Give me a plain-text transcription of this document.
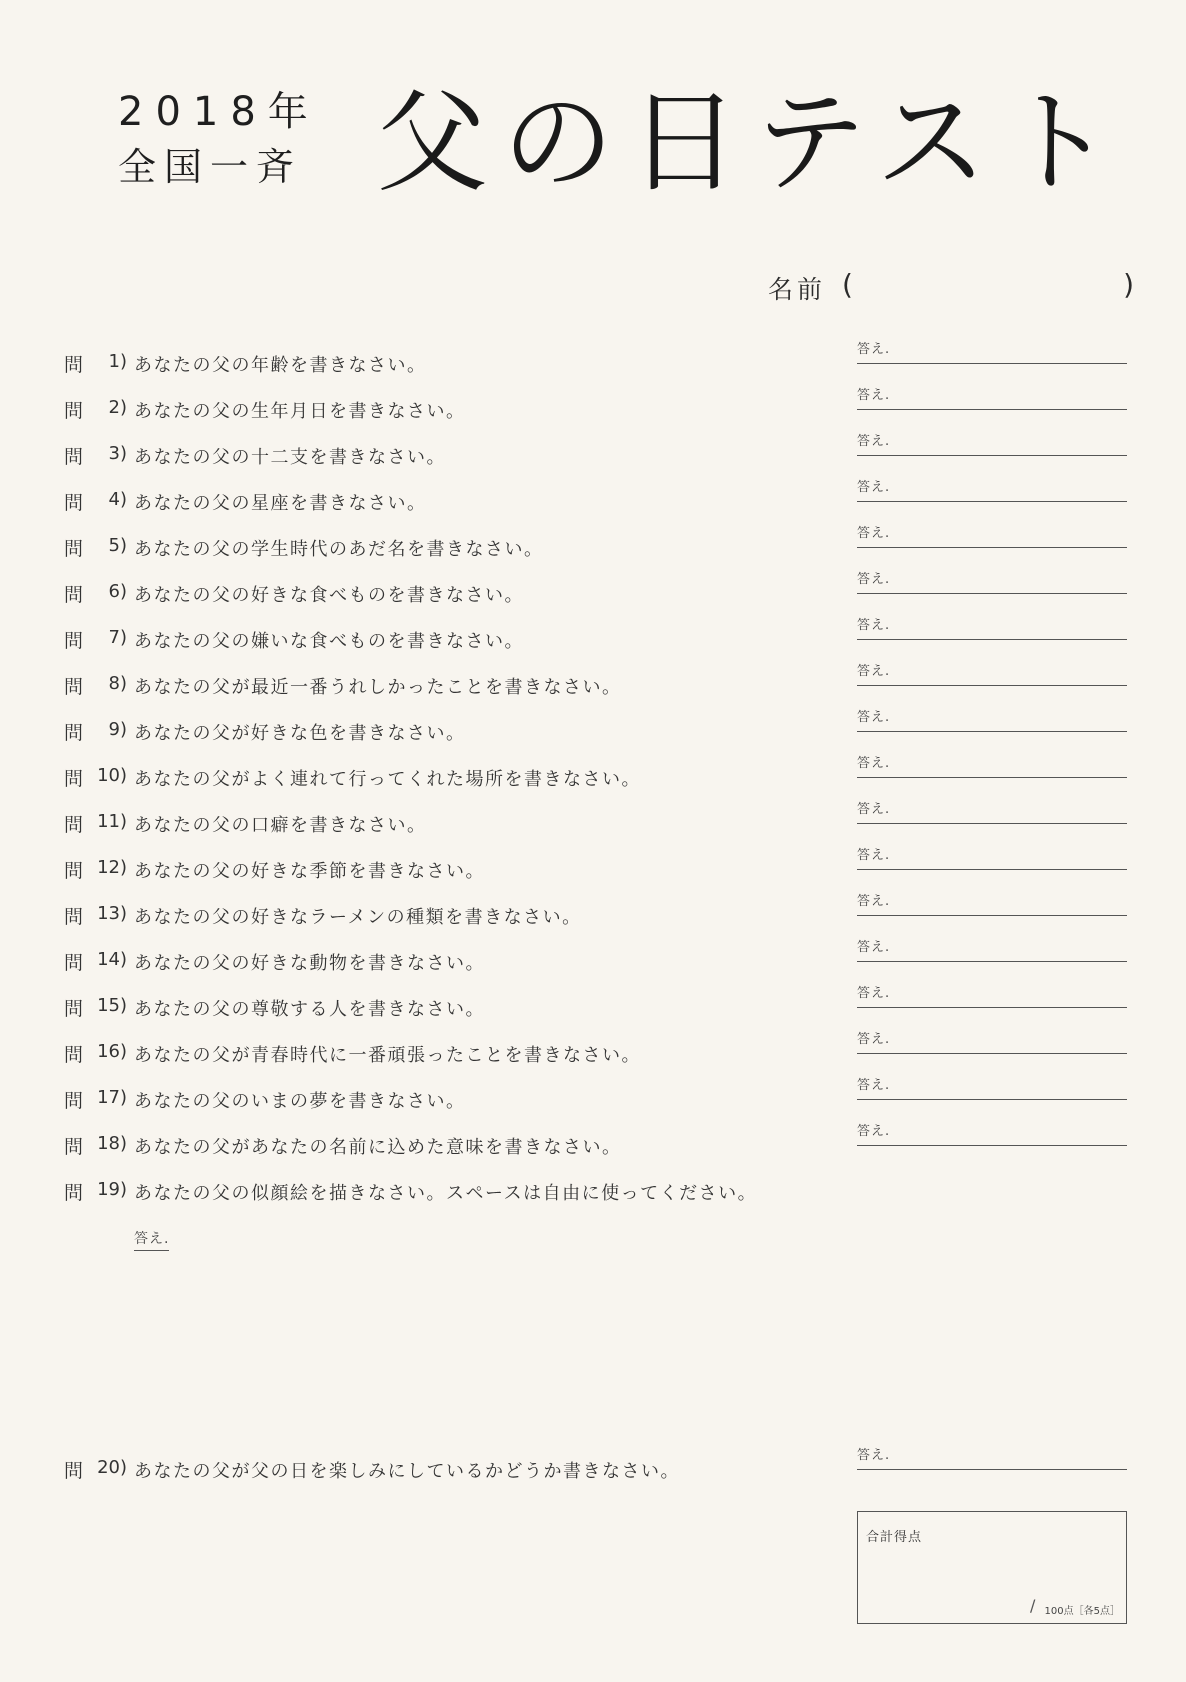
2018年
全国一斉 父の日テスト
名前 (	)
問	1 ) あなたの父の年齢を書きなさい。
答え.
問	2 ) あなたの父の生年月日を書きなさい。
答え.
問	3 ) あなたの父の十二支を書きなさい。
答え.
問	4 ) あなたの父の星座を書きなさい。
答え.
問	5 ) あなたの父の学生時代のあだ名を書きなさい。
答え.
問	6 ) あなたの父の好きな食べものを書きなさい。
答え.
問	7 ) あなたの父の嫌いな食べものを書きなさい。
答え.
問	8 ) あなたの父が最近一番うれしかったことを書きなさい。
答え.
問	9 ) あなたの父が好きな色を書きなさい。
答え.
問 10 ) あなたの父がよく連れて行ってくれた場所を書きなさい。
答え.
問 11 ) あなたの父の口癖を書きなさい。
答え.
問 12 ) あなたの父の好きな季節を書きなさい。
答え.
問 13 ) あなたの父の好きなラーメンの種類を書きなさい。
答え.
問 14 ) あなたの父の好きな動物を書きなさい。
答え.
問 15 ) あなたの父の尊敬する人を書きなさい。
答え.
問 16 ) あなたの父が青春時代に一番頑張ったことを書きなさい。
答え.
問 17 ) あなたの父のいまの夢を書きなさい。
答え.
問 18 ) あなたの父があなたの名前に込めた意味を書きなさい。
答え.
問 19 ) あなたの父の似顔絵を描きなさい。スペースは自由に使ってください。
問 20 ) あなたの父が父の日を楽しみにしているかどうか書きなさい。
答え.
答え.
合計得点
/ 100点［各5点］
